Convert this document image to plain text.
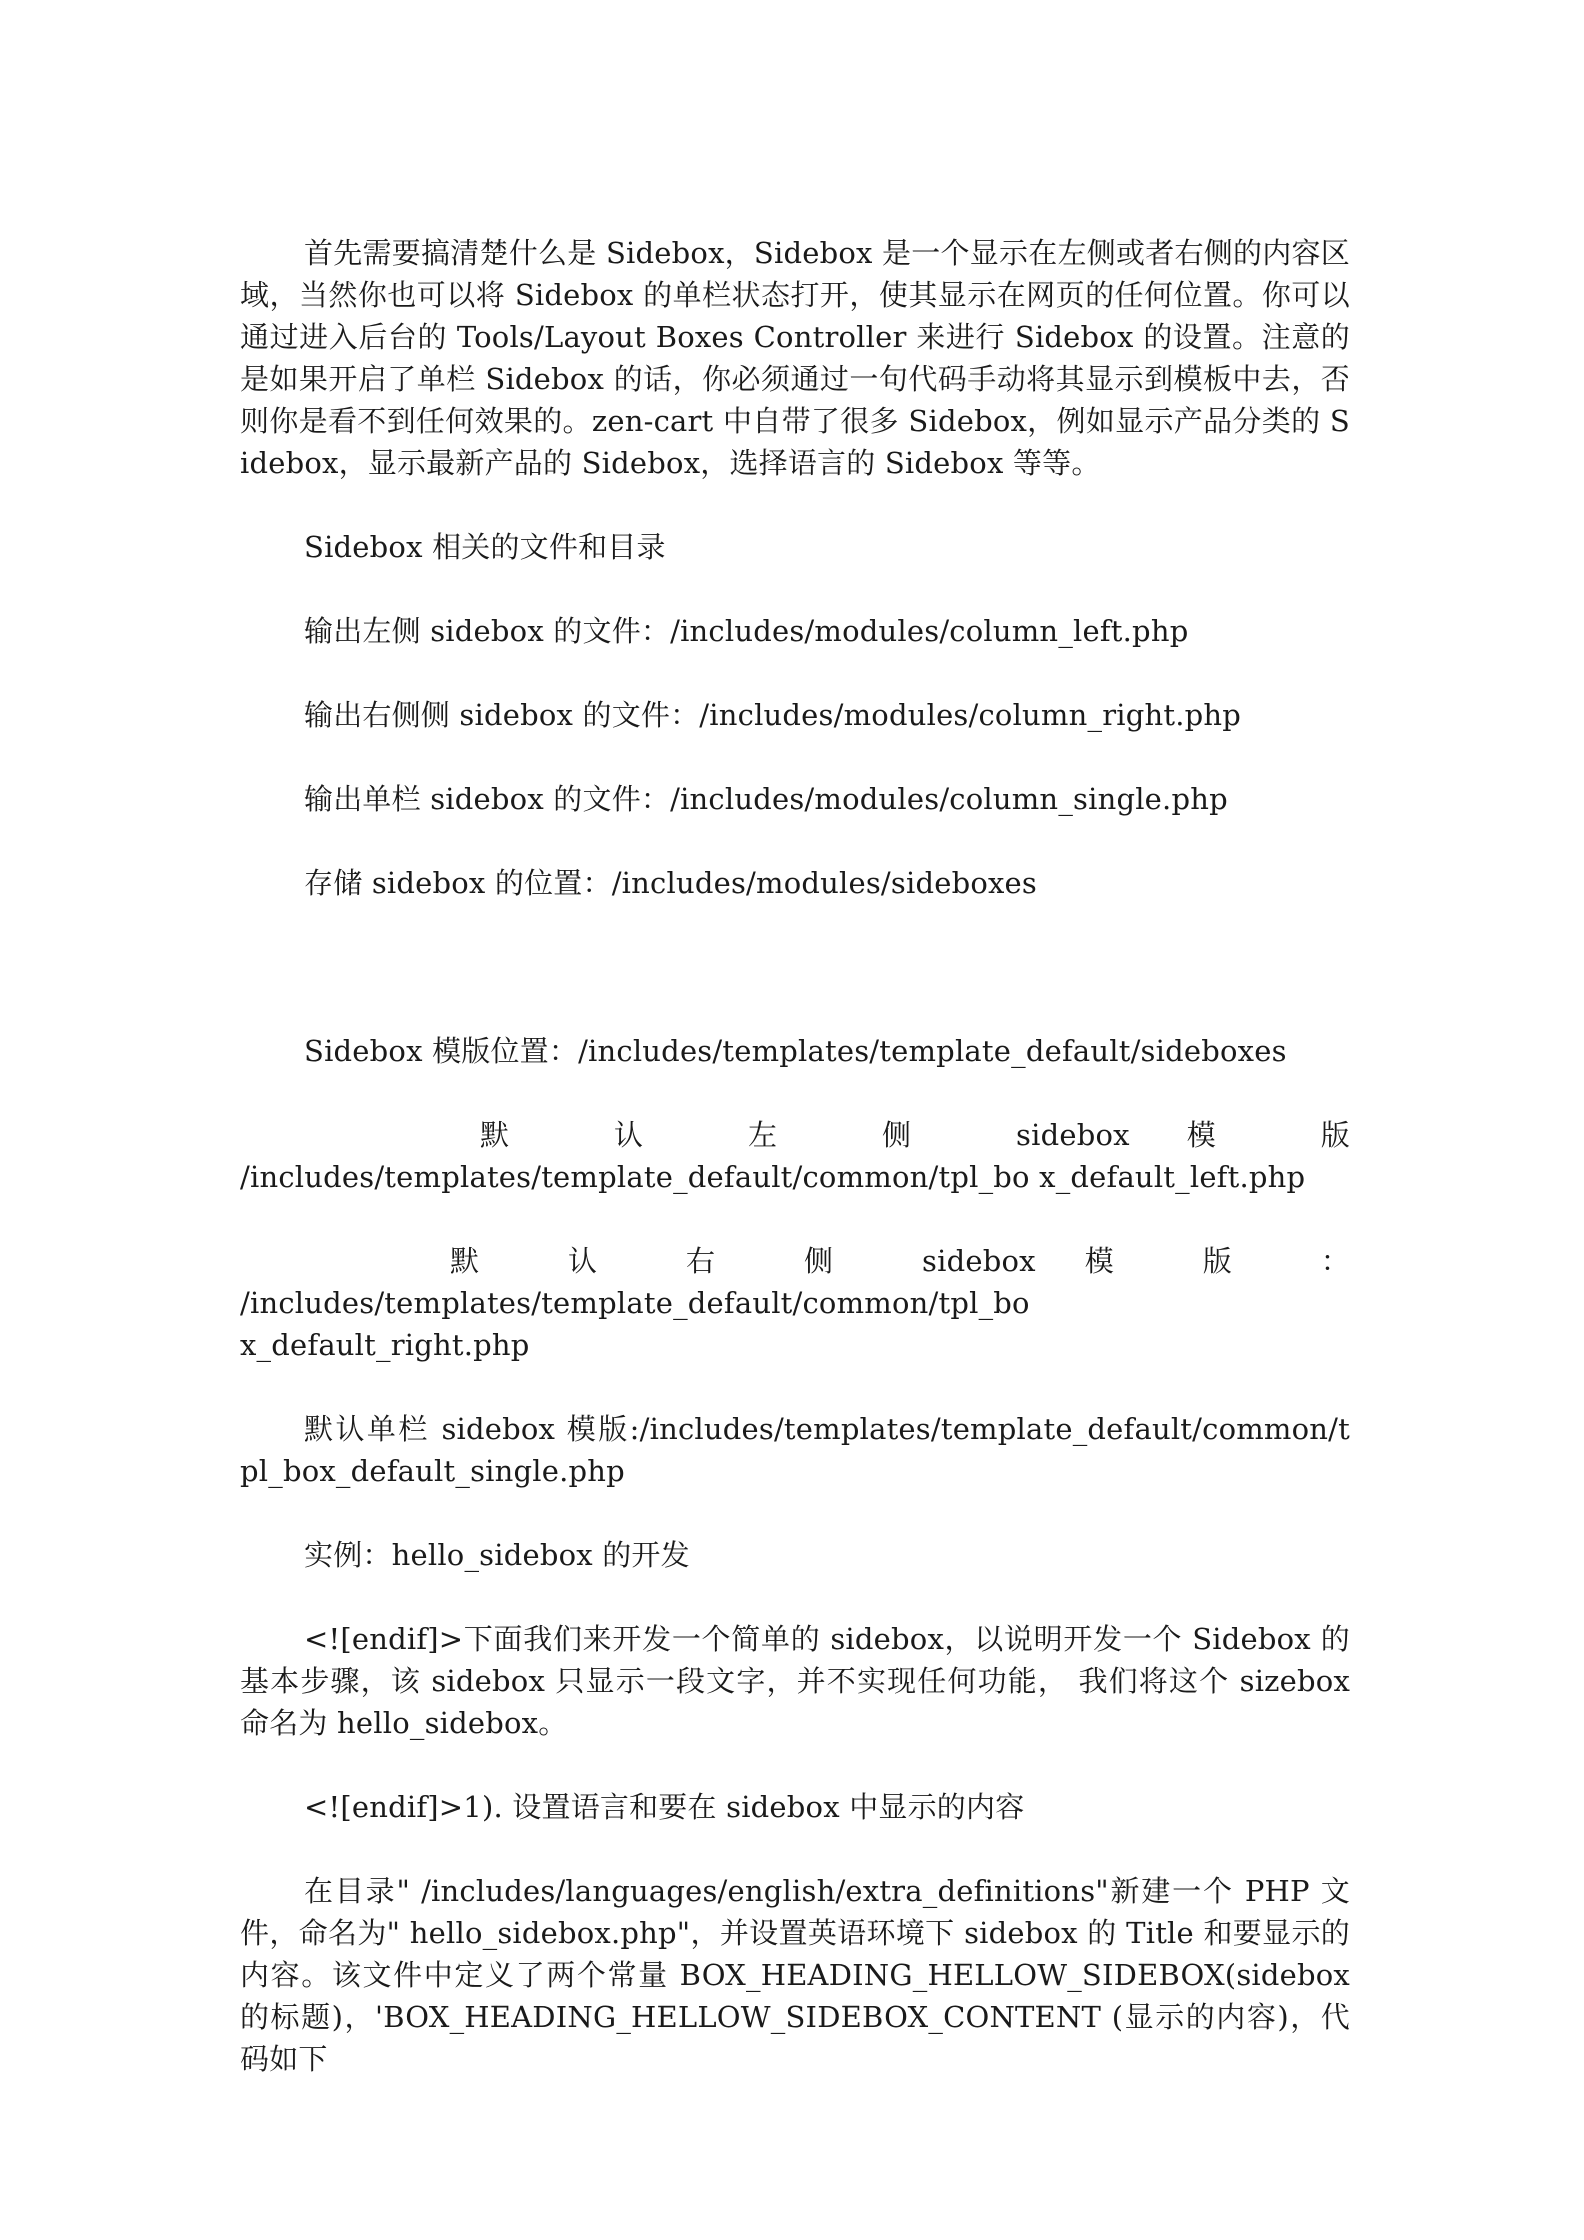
首先需要搞清楚什么是 Sidebox，Sidebox 是一个显示在左侧或者右侧的内容区域，当然你也可以将 Sidebox 的单栏状态打开，使其显示在网页的任何位置。你可以通过进入后台的 Tools/Layout Boxes Controller 来进行 Sidebox 的设置。注意的是如果开启了单栏 Sidebox 的话，你必须通过一句代码手动将其显示到模板中去，否则你是看不到任何效果的。zen-cart 中自带了很多 Sidebox，例如显示产品分类的 Sidebox，显示最新产品的 Sidebox，选择语言的 Sidebox 等等。

Sidebox 相关的文件和目录

输出左侧 sidebox 的文件：/includes/modules/column_left.php

输出右侧侧 sidebox 的文件：/includes/modules/column_right.php

输出单栏 sidebox 的文件：/includes/modules/column_single.php

存储 sidebox 的位置：/includes/modules/sideboxes

Sidebox 模版位置：/includes/templates/template_default/sideboxes

默 认 左 侧 sidebox 模 版

/includes/templates/template_default/common/tpl_bo x_default_left.php

默 认 右 侧 sidebox 模 版 ：

/includes/templates/template_default/common/tpl_bo

x_default_right.php

默认单栏 sidebox 模版:/includes/templates/template_default/common/tpl_box_default_single.php

实例：hello_sidebox 的开发

<![endif]>下面我们来开发一个简单的 sidebox，以说明开发一个 Sidebox 的基本步骤，该 sidebox 只显示一段文字，并不实现任何功能， 我们将这个 sizebox 命名为 hello_sidebox。

<![endif]>1). 设置语言和要在 sidebox 中显示的内容

在目录" /includes/languages/english/extra_definitions"新建一个 PHP 文件，命名为" hello_sidebox.php"，并设置英语环境下 sidebox 的 Title 和要显示的内容。该文件中定义了两个常量 BOX_HEADING_HELLOW_SIDEBOX(sidebox 的标题)，'BOX_HEADING_HELLOW_SIDEBOX_CONTENT (显示的内容)，代码如下
